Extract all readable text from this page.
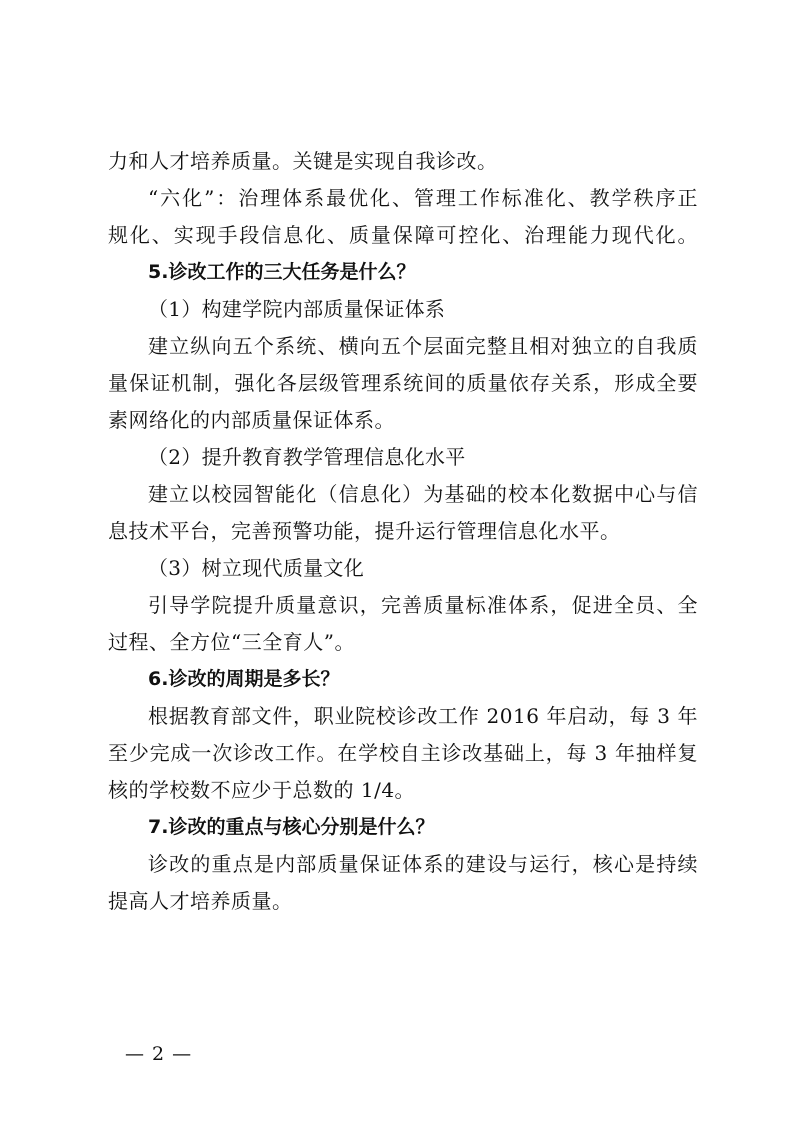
力和人才培养质量。关键是实现自我诊改。
“六化”：治理体系最优化、管理工作标准化、教学秩序正
规化、实现手段信息化、质量保障可控化、治理能力现代化。
5.诊改工作的三大任务是什么？
（1）构建学院内部质量保证体系
建立纵向五个系统、横向五个层面完整且相对独立的自我质
量保证机制，强化各层级管理系统间的质量依存关系，形成全要
素网络化的内部质量保证体系。
（2）提升教育教学管理信息化水平
建立以校园智能化（信息化）为基础的校本化数据中心与信
息技术平台，完善预警功能，提升运行管理信息化水平。
（3）树立现代质量文化
引导学院提升质量意识，完善质量标准体系，促进全员、全
过程、全方位“三全育人”。
6.诊改的周期是多长？
根据教育部文件，职业院校诊改工作 2016 年启动，每 3 年
至少完成一次诊改工作。在学校自主诊改基础上，每 3 年抽样复
核的学校数不应少于总数的 1/4。
7.诊改的重点与核心分别是什么？
诊改的重点是内部质量保证体系的建设与运行，核心是持续
提高人才培养质量。
— 2 —
